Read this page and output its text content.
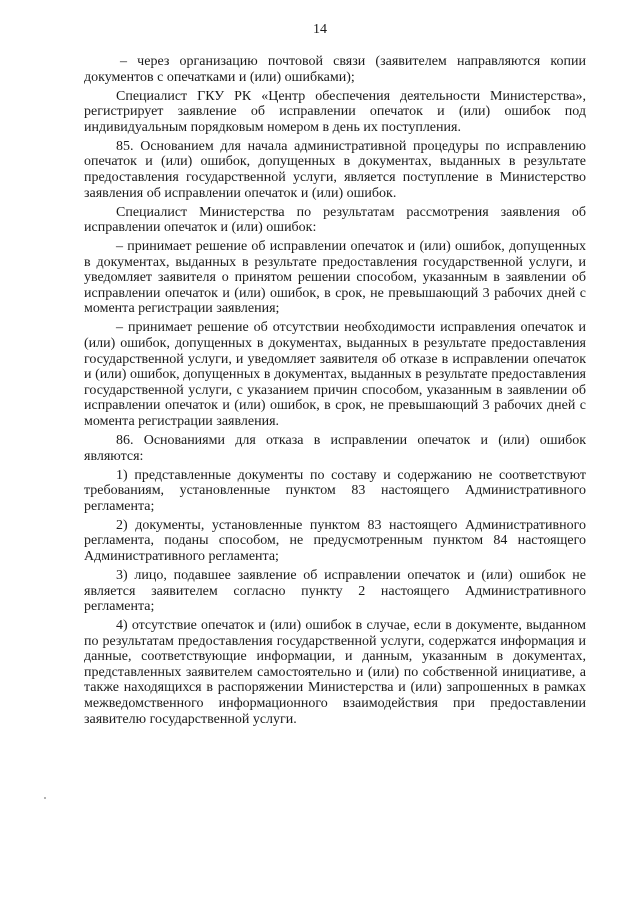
14

– через организацию почтовой связи (заявителем направляются копии документов с опечатками и (или) ошибками);

Специалист ГКУ РК «Центр обеспечения деятельности Министерства», регистрирует заявление об исправлении опечаток и (или) ошибок под индивидуальным порядковым номером в день их поступления.

85. Основанием для начала административной процедуры по исправлению опечаток и (или) ошибок, допущенных в документах, выданных в результате предоставления государственной услуги, является поступление в Министерство заявления об исправлении опечаток и (или) ошибок.

Специалист Министерства по результатам рассмотрения заявления об исправлении опечаток и (или) ошибок:

– принимает решение об исправлении опечаток и (или) ошибок, допущенных в документах, выданных в результате предоставления государственной услуги, и уведомляет заявителя о принятом решении способом, указанным в заявлении об исправлении опечаток и (или) ошибок, в срок, не превышающий 3 рабочих дней с момента регистрации заявления;

– принимает решение об отсутствии необходимости исправления опечаток и (или) ошибок, допущенных в документах, выданных в результате предоставления государственной услуги, и уведомляет заявителя об отказе в исправлении опечаток и (или) ошибок, допущенных в документах, выданных в результате предоставления государственной услуги, с указанием причин способом, указанным в заявлении об исправлении опечаток и (или) ошибок, в срок, не превышающий 3 рабочих дней с момента регистрации заявления.

86. Основаниями для отказа в исправлении опечаток и (или) ошибок являются:

1) представленные документы по составу и содержанию не соответствуют требованиям, установленные пунктом 83 настоящего Административного регламента;

2) документы, установленные пунктом 83 настоящего Административного регламента, поданы способом, не предусмотренным пунктом 84 настоящего Административного регламента;

3) лицо, подавшее заявление об исправлении опечаток и (или) ошибок не является заявителем согласно пункту 2 настоящего Административного регламента;

4) отсутствие опечаток и (или) ошибок в случае, если в документе, выданном по результатам предоставления государственной услуги, содержатся информация и данные, соответствующие информации, и данным, указанным в документах, представленных заявителем самостоятельно и (или) по собственной инициативе, а также находящихся в распоряжении Министерства и (или) запрошенных в рамках межведомственного информационного взаимодействия при предоставлении заявителю государственной услуги.
